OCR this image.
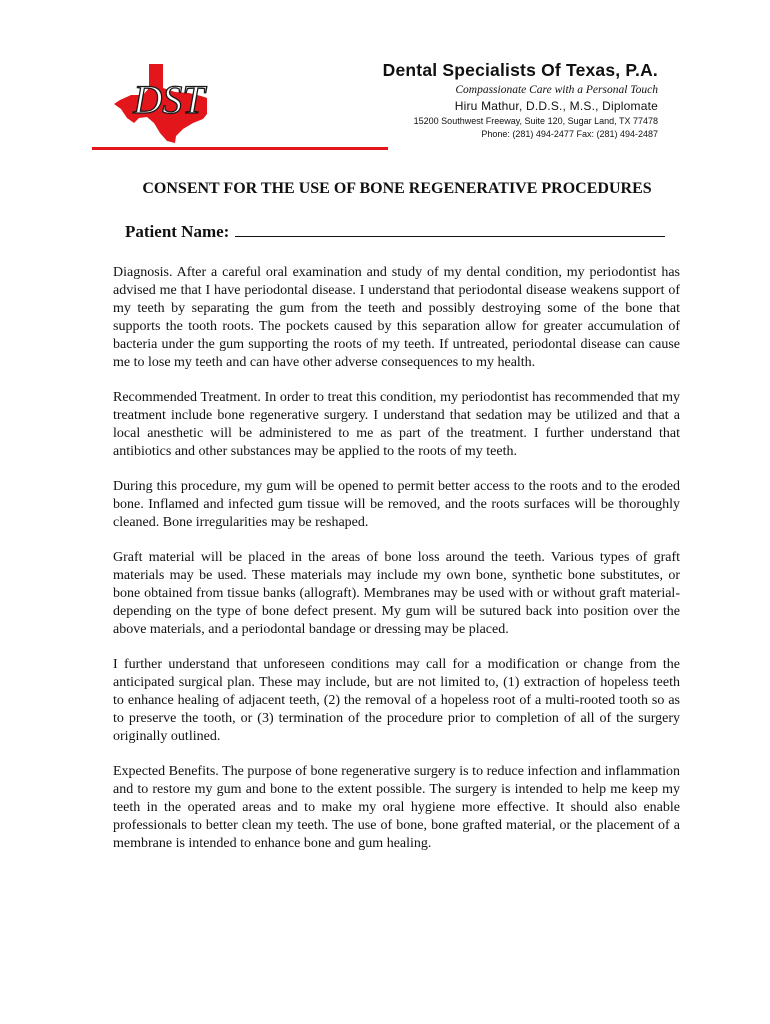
DST
Dental Specialists Of Texas, P.A.
Compassionate Care with a Personal Touch
Hiru Mathur, D.D.S., M.S., Diplomate
15200 Southwest Freeway, Suite 120, Sugar Land, TX 77478
Phone: (281) 494-2477 Fax: (281) 494-2487
CONSENT FOR THE USE OF BONE REGENERATIVE PROCEDURES
Patient Name:

Diagnosis. After a careful oral examination and study of my dental condition, my periodontist has advised me that I have periodontal disease. I understand that periodontal disease weakens support of my teeth by separating the gum from the teeth and possibly destroying some of the bone that supports the tooth roots. The pockets caused by this separation allow for greater accumulation of bacteria under the gum supporting the roots of my teeth. If untreated, periodontal disease can cause me to lose my teeth and can have other adverse consequences to my health.

Recommended Treatment. In order to treat this condition, my periodontist has recommended that my treatment include bone regenerative surgery. I understand that sedation may be utilized and that a local anesthetic will be administered to me as part of the treatment. I further understand that antibiotics and other substances may be applied to the roots of my teeth.

During this procedure, my gum will be opened to permit better access to the roots and to the eroded bone. Inflamed and infected gum tissue will be removed, and the roots surfaces will be thoroughly cleaned. Bone irregularities may be reshaped.

Graft material will be placed in the areas of bone loss around the teeth. Various types of graft materials may be used. These materials may include my own bone, synthetic bone substitutes, or bone obtained from tissue banks (allograft). Membranes may be used with or without graft material-depending on the type of bone defect present. My gum will be sutured back into position over the above materials, and a periodontal bandage or dressing may be placed.

I further understand that unforeseen conditions may call for a modification or change from the anticipated surgical plan. These may include, but are not limited to, (1) extraction of hopeless teeth to enhance healing of adjacent teeth, (2) the removal of a hopeless root of a multi-rooted tooth so as to preserve the tooth, or (3) termination of the procedure prior to completion of all of the surgery originally outlined.

Expected Benefits. The purpose of bone regenerative surgery is to reduce infection and inflammation and to restore my gum and bone to the extent possible. The surgery is intended to help me keep my teeth in the operated areas and to make my oral hygiene more effective. It should also enable professionals to better clean my teeth. The use of bone, bone grafted material, or the placement of a membrane is intended to enhance bone and gum healing.
